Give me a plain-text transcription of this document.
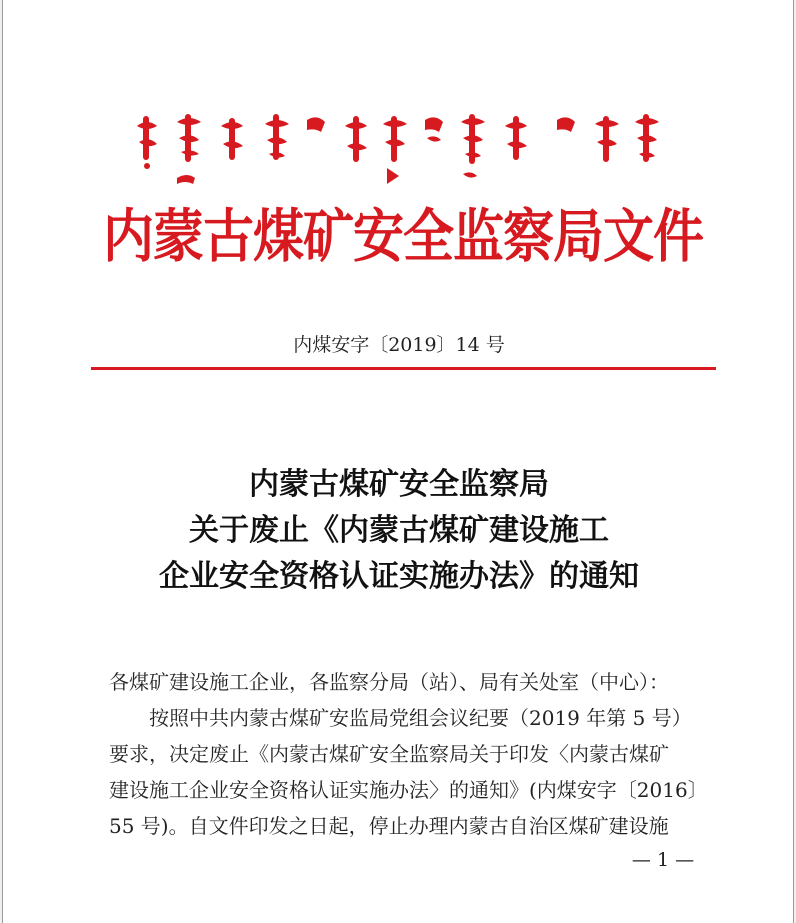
内蒙古煤矿安全监察局文件
内煤安字〔2019〕14 号
内蒙古煤矿安全监察局
关于废止《内蒙古煤矿建设施工
企业安全资格认证实施办法》的通知
各煤矿建设施工企业，各监察分局（站）、局有关处室（中心）：
按照中共内蒙古煤矿安监局党组会议纪要（2019 年第 5 号）
要求，决定废止《内蒙古煤矿安全监察局关于印发〈内蒙古煤矿
建设施工企业安全资格认证实施办法〉的通知》(内煤安字〔2016〕
55 号)。自文件印发之日起，停止办理内蒙古自治区煤矿建设施
— 1 —
